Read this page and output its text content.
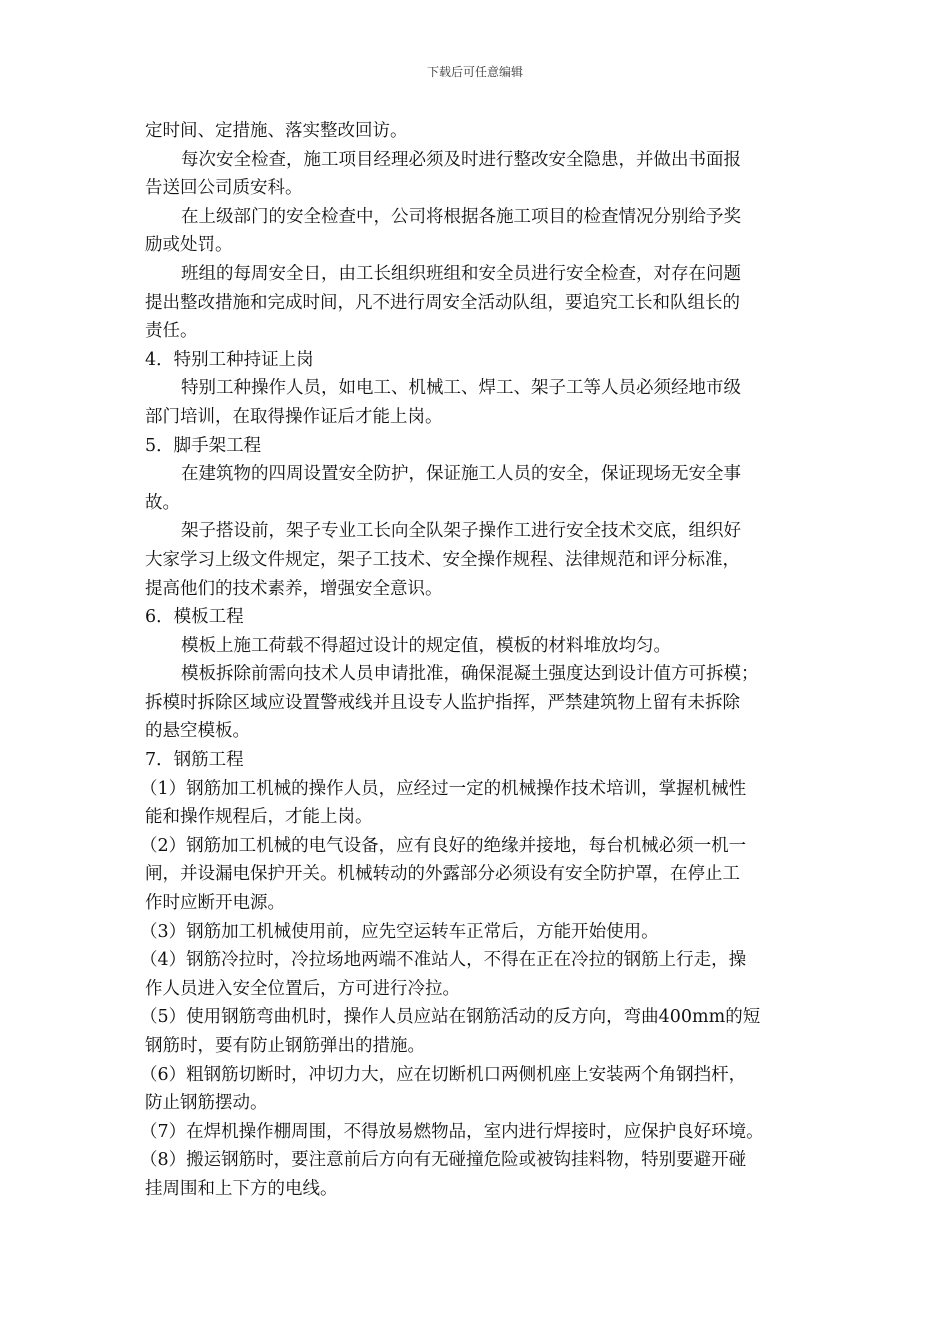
下载后可任意编辑
定时间、定措施、落实整改回访。
每次安全检查，施工项目经理必须及时进行整改安全隐患，并做出书面报
告送回公司质安科。
在上级部门的安全检查中，公司将根据各施工项目的检查情况分别给予奖
励或处罚。
班组的每周安全日，由工长组织班组和安全员进行安全检查，对存在问题
提出整改措施和完成时间，凡不进行周安全活动队组，要追究工长和队组长的
责任。
4．特别工种持证上岗
特别工种操作人员，如电工、机械工、焊工、架子工等人员必须经地市级
部门培训，在取得操作证后才能上岗。
5．脚手架工程
在建筑物的四周设置安全防护，保证施工人员的安全，保证现场无安全事
故。
架子搭设前，架子专业工长向全队架子操作工进行安全技术交底，组织好
大家学习上级文件规定，架子工技术、安全操作规程、法律规范和评分标准，
提高他们的技术素养，增强安全意识。
6．模板工程
模板上施工荷载不得超过设计的规定值，模板的材料堆放均匀。
模板拆除前需向技术人员申请批准，确保混凝土强度达到设计值方可拆模；
拆模时拆除区域应设置警戒线并且设专人监护指挥，严禁建筑物上留有未拆除
的悬空模板。
7．钢筋工程
（1）钢筋加工机械的操作人员，应经过一定的机械操作技术培训，掌握机械性
能和操作规程后，才能上岗。
（2）钢筋加工机械的电气设备，应有良好的绝缘并接地，每台机械必须一机一
闸，并设漏电保护开关。机械转动的外露部分必须设有安全防护罩，在停止工
作时应断开电源。
（3）钢筋加工机械使用前，应先空运转车正常后，方能开始使用。
（4）钢筋冷拉时，冷拉场地两端不准站人，不得在正在冷拉的钢筋上行走，操
作人员进入安全位置后，方可进行冷拉。
（5）使用钢筋弯曲机时，操作人员应站在钢筋活动的反方向，弯曲400mm的短
钢筋时，要有防止钢筋弹出的措施。
（6）粗钢筋切断时，冲切力大，应在切断机口两侧机座上安装两个角钢挡杆，
防止钢筋摆动。
（7）在焊机操作棚周围，不得放易燃物品，室内进行焊接时，应保护良好环境。
（8）搬运钢筋时，要注意前后方向有无碰撞危险或被钩挂料物，特别要避开碰
挂周围和上下方的电线。
